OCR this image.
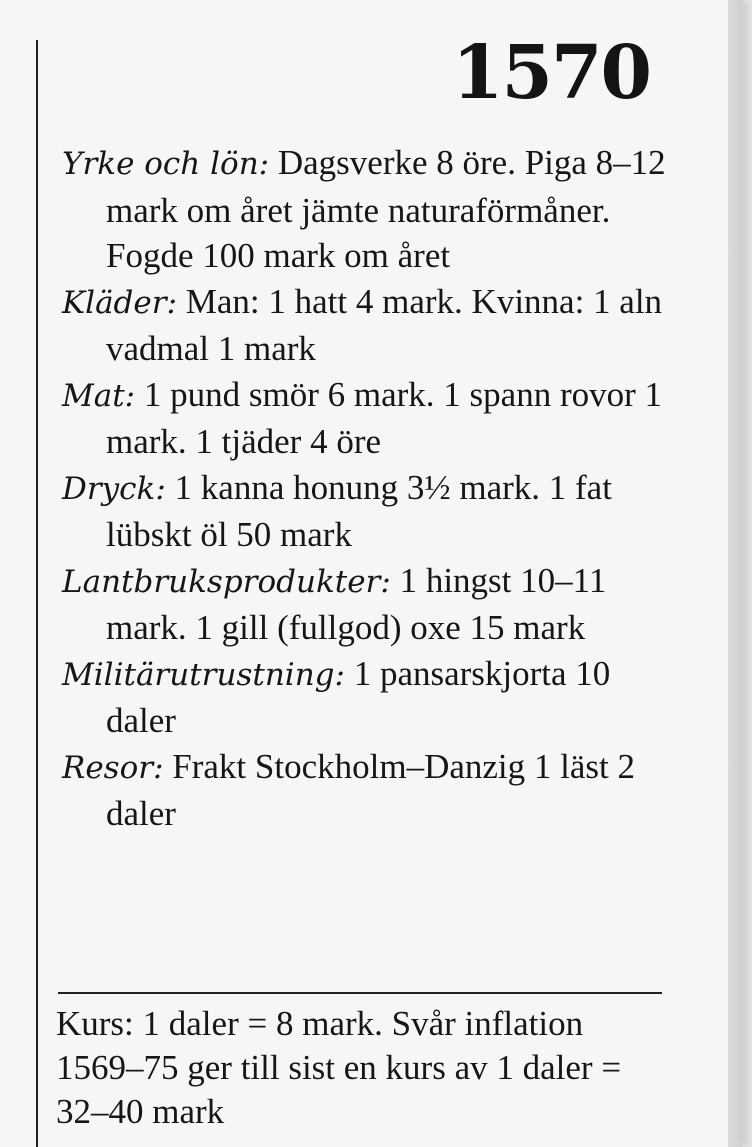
1570

Yrke och lön: Dagsverke 8 öre. Piga 8–12 mark om året jämte naturaförmåner. Fogde 100 mark om året

Kläder: Man: 1 hatt 4 mark. Kvinna: 1 aln vadmal 1 mark

Mat: 1 pund smör 6 mark. 1 spann rovor 1 mark. 1 tjäder 4 öre

Dryck: 1 kanna honung 3½ mark. 1 fat lübskt öl 50 mark

Lantbruksprodukter: 1 hingst 10–11 mark. 1 gill (fullgod) oxe 15 mark

Militärutrustning: 1 pansarskjorta 10 daler

Resor: Frakt Stockholm–Danzig 1 läst 2 daler

Kurs: 1 daler = 8 mark. Svår inflation 1569–75 ger till sist en kurs av 1 daler = 32–40 mark
